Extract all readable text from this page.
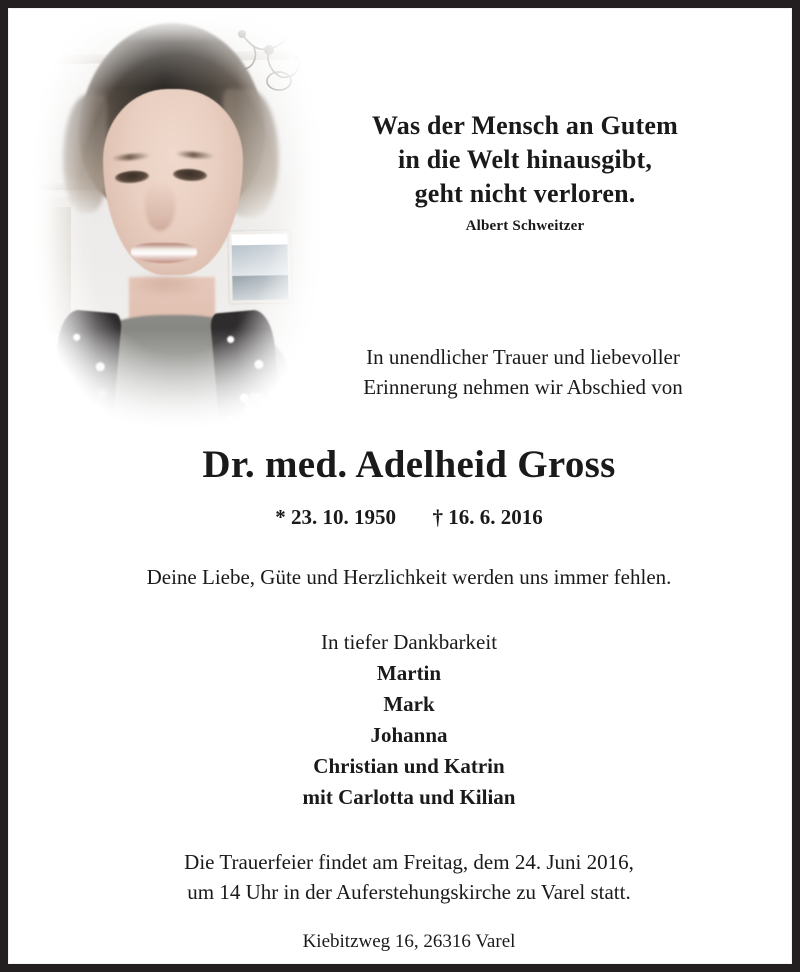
Was der Mensch an Gutem
in die Welt hinausgibt,
geht nicht verloren.
Albert Schweitzer
In unendlicher Trauer und liebevoller
Erinnerung nehmen wir Abschied von
Dr. med. Adelheid Gross
* 23. 10. 1950 † 16. 6. 2016
Deine Liebe, Güte und Herzlichkeit werden uns immer fehlen.
In tiefer Dankbarkeit
Martin
Mark
Johanna
Christian und Katrin
mit Carlotta und Kilian
Die Trauerfeier findet am Freitag, dem 24. Juni 2016,
um 14 Uhr in der Auferstehungskirche zu Varel statt.
Kiebitzweg 16, 26316 Varel
